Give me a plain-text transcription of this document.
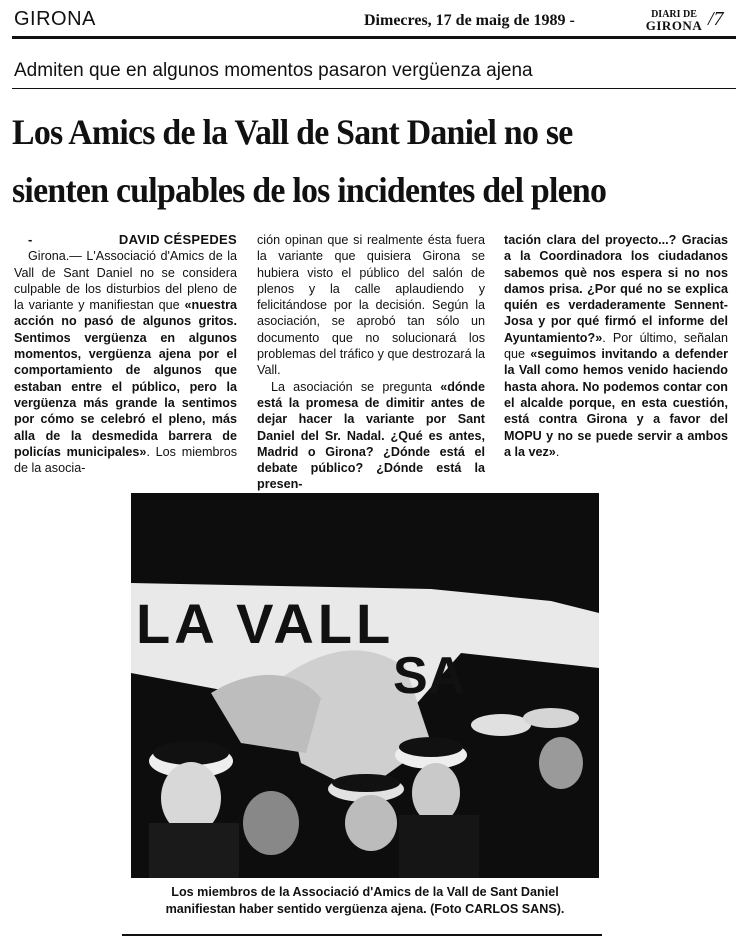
GIRONA	Dimecres, 17 de maig de 1989 -	DIARI DE
GIRONA /7
Admiten que en algunos momentos pasaron vergüenza ajena
Los Amics de la Vall de Sant Daniel no se
sienten culpables de los incidentes del pleno
-	DAVID CÉSPEDES

Girona.— L'Associació d'Amics de la Vall de Sant Daniel no se considera culpable de los disturbios del pleno de la variante y manifiestan que «nuestra acción no pasó de algunos gritos. Sentimos vergüenza en algunos momentos, vergüenza ajena por el comportamiento de algunos que estaban entre el público, pero la vergüenza más grande la sentimos por cómo se celebró el pleno, más alla de la desmedida barrera de policías municipales». Los miembros de la asocia-

ción opinan que si realmente ésta fuera la variante que quisiera Girona se hubiera visto el público del salón de plenos y la calle aplaudiendo y felicitándose por la decisión. Según la asociación, se aprobó tan sólo un documento que no solucionará los problemas del tráfico y que destrozará la Vall.

La asociación se pregunta «dónde está la promesa de dimitir antes de dejar hacer la variante por Sant Daniel del Sr. Nadal. ¿Qué es antes, Madrid o Girona? ¿Dónde está el debate público? ¿Dónde está la presen-

tación clara del proyecto...? Gracias a la Coordinadora los ciudadanos sabemos què nos espera si no nos damos prisa. ¿Por qué no se explica quién es verdaderamente Sennent-Josa y por qué firmó el informe del Ayuntamiento?». Por último, señalan que «seguimos invitando a defender la Vall como hemos venido haciendo hasta ahora. No podemos contar con el alcalde porque, en esta cuestión, está contra Girona y a favor del MOPU y no se puede servir a ambos a la vez».

LA VALL
SA
Los miembros de la Associació d'Amics de la Vall de Sant Daniel
manifiestan haber sentido vergüenza ajena. (Foto CARLOS SANS).
